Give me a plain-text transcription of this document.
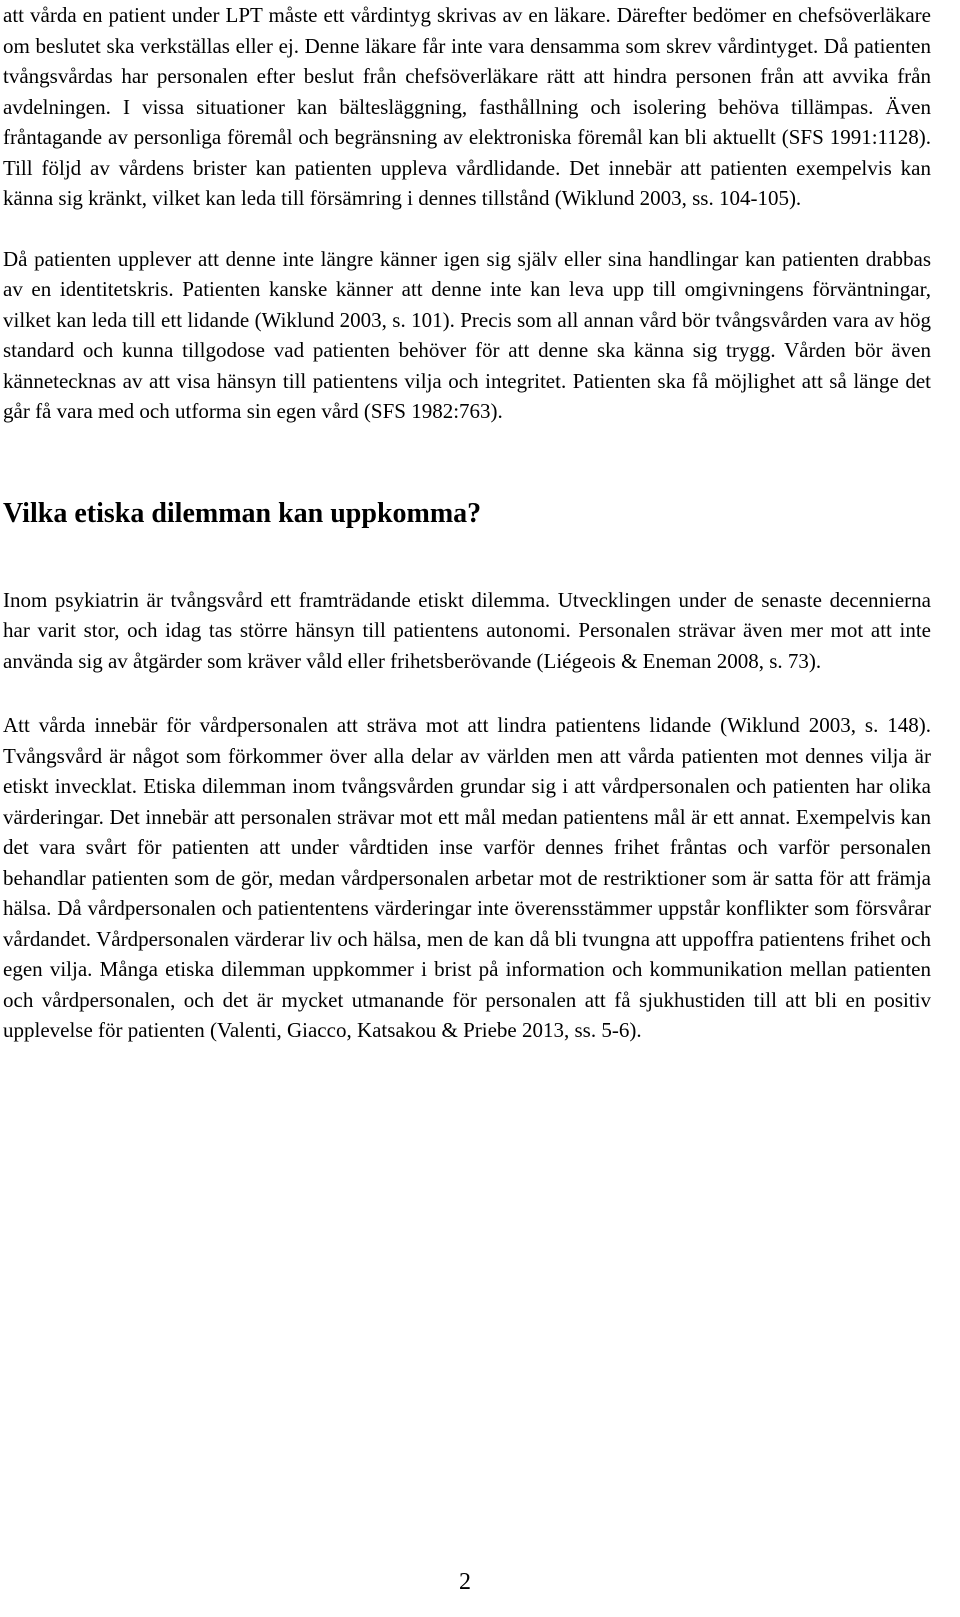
att vårda en patient under LPT måste ett vårdintyg skrivas av en läkare. Därefter bedömer en chefsöverläkare om beslutet ska verkställas eller ej. Denne läkare får inte vara densamma som skrev vårdintyget. Då patienten tvångsvårdas har personalen efter beslut från chefsöverläkare rätt att hindra personen från att avvika från avdelningen. I vissa situationer kan bältesläggning, fasthållning och isolering behöva tillämpas. Även fråntagande av personliga föremål och begränsning av elektroniska föremål kan bli aktuellt (SFS 1991:1128). Till följd av vårdens brister kan patienten uppleva vårdlidande. Det innebär att patienten exempelvis kan känna sig kränkt, vilket kan leda till försämring i dennes tillstånd (Wiklund 2003, ss. 104-105).

Då patienten upplever att denne inte längre känner igen sig själv eller sina handlingar kan patienten drabbas av en identitetskris. Patienten kanske känner att denne inte kan leva upp till omgivningens förväntningar, vilket kan leda till ett lidande (Wiklund 2003, s. 101). Precis som all annan vård bör tvångsvården vara av hög standard och kunna tillgodose vad patienten behöver för att denne ska känna sig trygg. Vården bör även kännetecknas av att visa hänsyn till patientens vilja och integritet. Patienten ska få möjlighet att så länge det går få vara med och utforma sin egen vård (SFS 1982:763).

Vilka etiska dilemman kan uppkomma?

Inom psykiatrin är tvångsvård ett framträdande etiskt dilemma. Utvecklingen under de senaste decennierna har varit stor, och idag tas större hänsyn till patientens autonomi. Personalen strävar även mer mot att inte använda sig av åtgärder som kräver våld eller frihetsberövande (Liégeois & Eneman 2008, s. 73).

Att vårda innebär för vårdpersonalen att sträva mot att lindra patientens lidande (Wiklund 2003, s. 148). Tvångsvård är något som förkommer över alla delar av världen men att vårda patienten mot dennes vilja är etiskt invecklat. Etiska dilemman inom tvångsvården grundar sig i att vårdpersonalen och patienten har olika värderingar. Det innebär att personalen strävar mot ett mål medan patientens mål är ett annat. Exempelvis kan det vara svårt för patienten att under vårdtiden inse varför dennes frihet fråntas och varför personalen behandlar patienten som de gör, medan vårdpersonalen arbetar mot de restriktioner som är satta för att främja hälsa. Då vårdpersonalen och patiententens värderingar inte överensstämmer uppstår konflikter som försvårar vårdandet. Vårdpersonalen värderar liv och hälsa, men de kan då bli tvungna att uppoffra patientens frihet och egen vilja. Många etiska dilemman uppkommer i brist på information och kommunikation mellan patienten och vårdpersonalen, och det är mycket utmanande för personalen att få sjukhustiden till att bli en positiv upplevelse för patienten (Valenti, Giacco, Katsakou & Priebe 2013, ss. 5-6).

2
